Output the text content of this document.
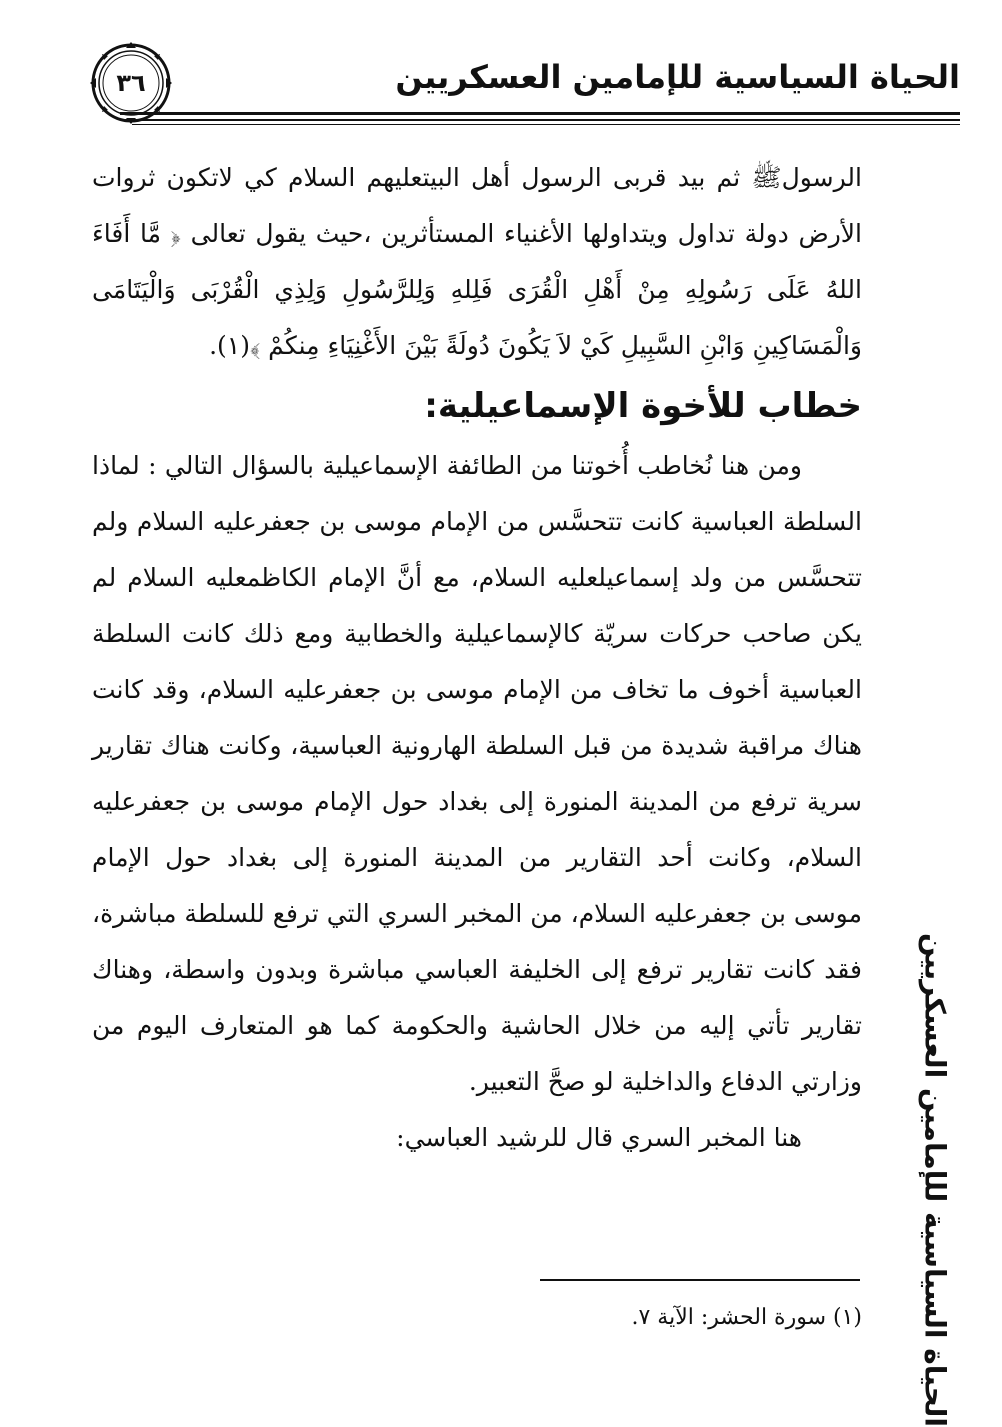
٣٦	الحياة السياسية للإمامين العسكريين

الرسولﷺ ثم بيد قربى الرسول أهل البيتعليهم السلام كي لاتكون ثروات الأرض دولة تداول ويتداولها الأغنياء المستأثرين ،حيث يقول تعالى ﴿ مَّا أَفَاءَ اللهُ عَلَى رَسُولِهِ مِنْ أَهْلِ الْقُرَى فَلِلهِ وَلِلرَّسُولِ وَلِذِي الْقُرْبَى وَالْيَتَامَى وَالْمَسَاكِينِ وَابْنِ السَّبِيلِ كَيْ لاَ يَكُونَ دُولَةً بَيْنَ الأَغْنِيَاءِ مِنكُمْ ﴾(١).

خطاب للأخوة الإسماعيلية:

ومن هنا نُخاطب أُخوتنا من الطائفة الإسماعيلية بالسؤال التالي : لماذا السلطة العباسية كانت تتحسَّس من الإمام موسى بن جعفرعليه السلام ولم تتحسَّس من ولد إسماعيلعليه السلام، مع أنَّ الإمام الكاظمعليه السلام لم يكن صاحب حركات سريّة كالإسماعيلية والخطابية ومع ذلك كانت السلطة العباسية أخوف ما تخاف من الإمام موسى بن جعفرعليه السلام، وقد كانت هناك مراقبة شديدة من قبل السلطة الهارونية العباسية، وكانت هناك تقارير سرية ترفع من المدينة المنورة إلى بغداد حول الإمام موسى بن جعفرعليه السلام، وكانت أحد التقارير من المدينة المنورة إلى بغداد حول الإمام موسى بن جعفرعليه السلام، من المخبر السري التي ترفع للسلطة مباشرة، فقد كانت تقارير ترفع إلى الخليفة العباسي مباشرة وبدون واسطة، وهناك تقارير تأتي إليه من خلال الحاشية والحكومة كما هو المتعارف اليوم من وزارتي الدفاع والداخلية لو صحَّ التعبير.

هنا المخبر السري قال للرشيد العباسي:	الحياة السياسية للإمامين العسكريين
(١) سورة الحشر: الآية ٧.
